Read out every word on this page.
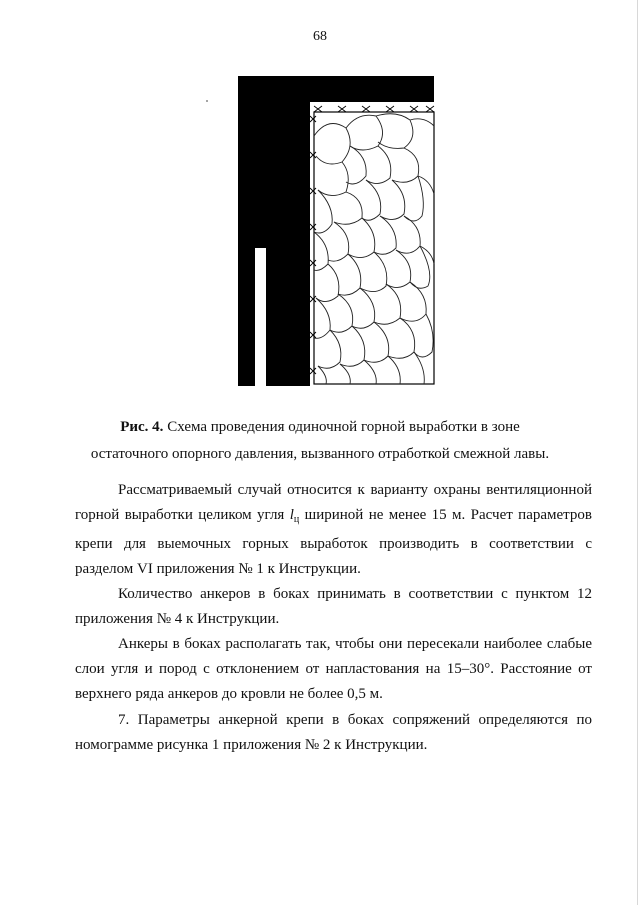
68
Рис. 4. Схема проведения одиночной горной выработки в зоне остаточного опорного давления, вызванного отработкой смежной лавы.

Рассматриваемый случай относится к варианту охраны вентиляционной горной выработки целиком угля $l_ц$ шириной не менее 15 м. Расчет параметров крепи для выемочных горных выработок производить в соответствии с разделом VI приложения № 1 к Инструкции.

Количество анкеров в боках принимать в соответствии с пунктом 12 приложения № 4 к Инструкции.

Анкеры в боках располагать так, чтобы они пересекали наиболее слабые слои угля и пород с отклонением от напластования на 15–30°. Расстояние от верхнего ряда анкеров до кровли не более 0,5 м.

7. Параметры анкерной крепи в боках сопряжений определяются по номограмме рисунка 1 приложения № 2 к Инструкции.
